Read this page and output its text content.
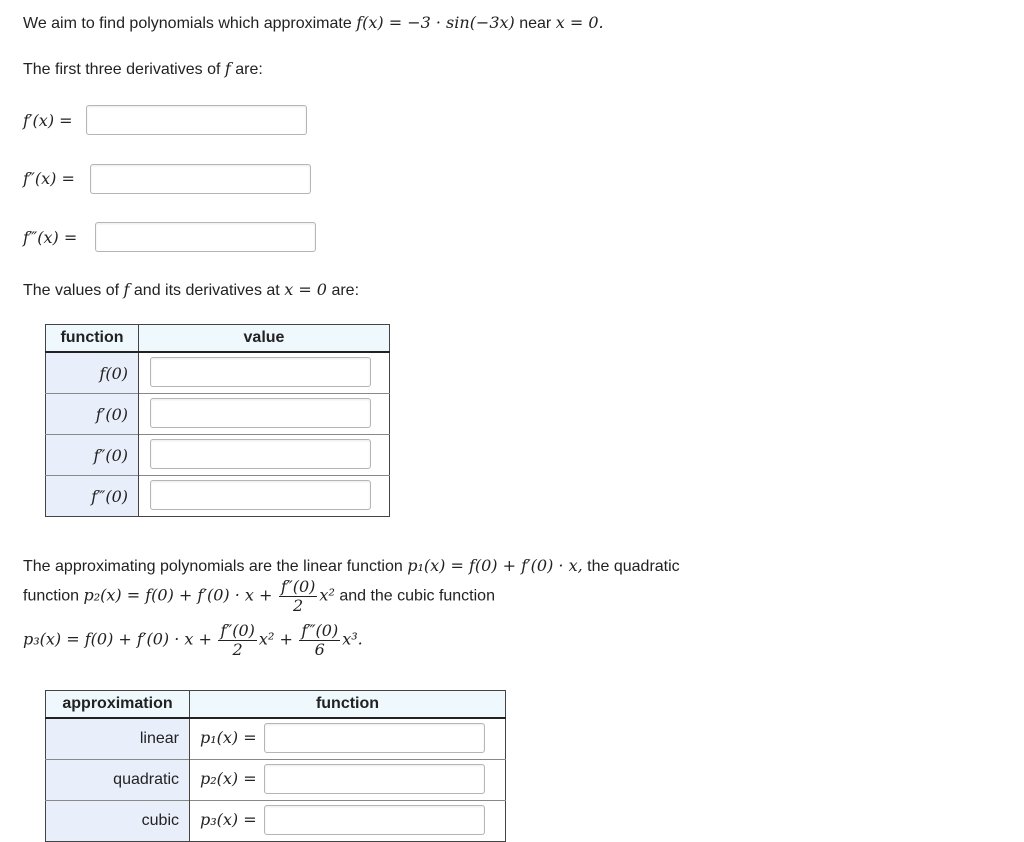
We aim to find polynomials which approximate f(x) = −3 · sin(−3x) near x = 0.
The first three derivatives of f are:
f′(x) =
f″(x) =
f‴(x) =
The values of f and its derivatives at x = 0 are:
function	value
f(0)	

f′(0)	

f″(0)	

f‴(0)	
The approximating polynomials are the linear function p₁(x) = f(0) + f′(0) · x, the quadratic
function $p_2(x) = f(0) + f'(0) \cdot x + \frac{f''(0)}{2} x^2$ and the cubic function
$p_3(x) = f(0) + f'(0) \cdot x + \frac{f''(0)}{2} x^2 + \frac{f‴(0)}{6} x^3$.
approximation	function
linear	p₁(x) =

quadratic	p₂(x) =

cubic	p₃(x) =
